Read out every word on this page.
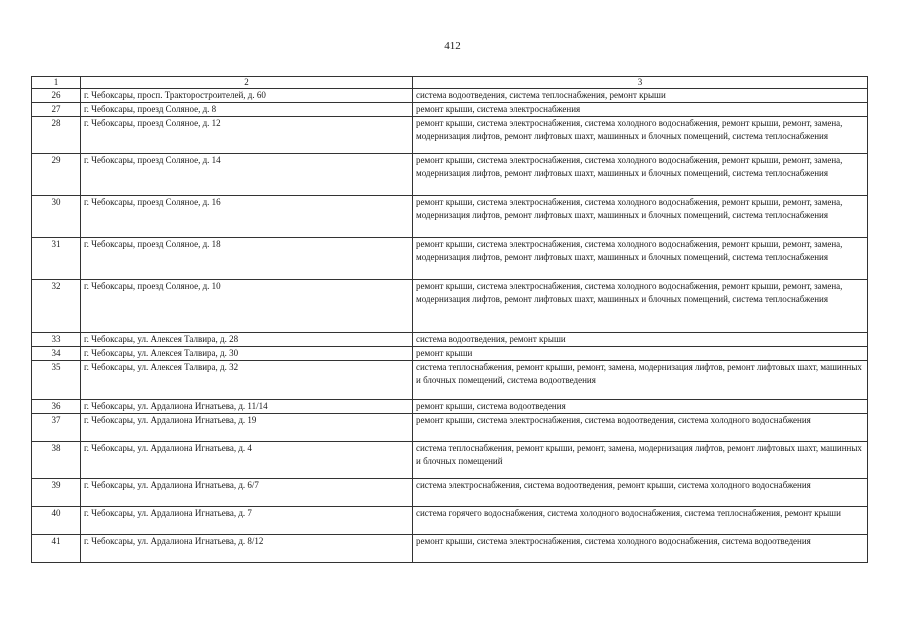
412
1	2	3
26	г. Чебоксары, просп. Тракторостроителей, д. 60	система водоотведения, система теплоснабжения, ремонт крыши
27	г. Чебоксары, проезд Соляное, д. 8	ремонт крыши, система электроснабжения
28	г. Чебоксары, проезд Соляное, д. 12	ремонт крыши, система электроснабжения, система холодного водоснабжения, ремонт крыши, ремонт, замена, модернизация лифтов, ремонт лифтовых шахт, машинных и блочных помещений, система теплоснабжения
29	г. Чебоксары, проезд Соляное, д. 14	ремонт крыши, система электроснабжения, система холодного водоснабжения, ремонт крыши, ремонт, замена, модернизация лифтов, ремонт лифтовых шахт, машинных и блочных помещений, система теплоснабжения
30	г. Чебоксары, проезд Соляное, д. 16	ремонт крыши, система электроснабжения, система холодного водоснабжения, ремонт крыши, ремонт, замена, модернизация лифтов, ремонт лифтовых шахт, машинных и блочных помещений, система теплоснабжения
31	г. Чебоксары, проезд Соляное, д. 18	ремонт крыши, система электроснабжения, система холодного водоснабжения, ремонт крыши, ремонт, замена, модернизация лифтов, ремонт лифтовых шахт, машинных и блочных помещений, система теплоснабжения
32	г. Чебоксары, проезд Соляное, д. 10	ремонт крыши, система электроснабжения, система холодного водоснабжения, ремонт крыши, ремонт, замена, модернизация лифтов, ремонт лифтовых шахт, машинных и блочных помещений, система теплоснабжения
33	г. Чебоксары, ул. Алексея Талвира, д. 28	система водоотведения, ремонт крыши
34	г. Чебоксары, ул. Алексея Талвира, д. 30	ремонт крыши
35	г. Чебоксары, ул. Алексея Талвира, д. 32	система теплоснабжения, ремонт крыши, ремонт, замена, модернизация лифтов, ремонт лифтовых шахт, машинных и блочных помещений, система водоотведения
36	г. Чебоксары, ул. Ардалиона Игнатьева, д. 11/14	ремонт крыши, система водоотведения
37	г. Чебоксары, ул. Ардалиона Игнатьева, д. 19	ремонт крыши, система электроснабжения, система водоотведения, система холодного водоснабжения
38	г. Чебоксары, ул. Ардалиона Игнатьева, д. 4	система теплоснабжения, ремонт крыши, ремонт, замена, модернизация лифтов, ремонт лифтовых шахт, машинных и блочных помещений
39	г. Чебоксары, ул. Ардалиона Игнатьева, д. 6/7	система электроснабжения, система водоотведения, ремонт крыши, система холодного водоснабжения
40	г. Чебоксары, ул. Ардалиона Игнатьева, д. 7	система горячего водоснабжения, система холодного водоснабжения, система теплоснабжения, ремонт крыши
41	г. Чебоксары, ул. Ардалиона Игнатьева, д. 8/12	ремонт крыши, система электроснабжения, система холодного водоснабжения, система водоотведения
